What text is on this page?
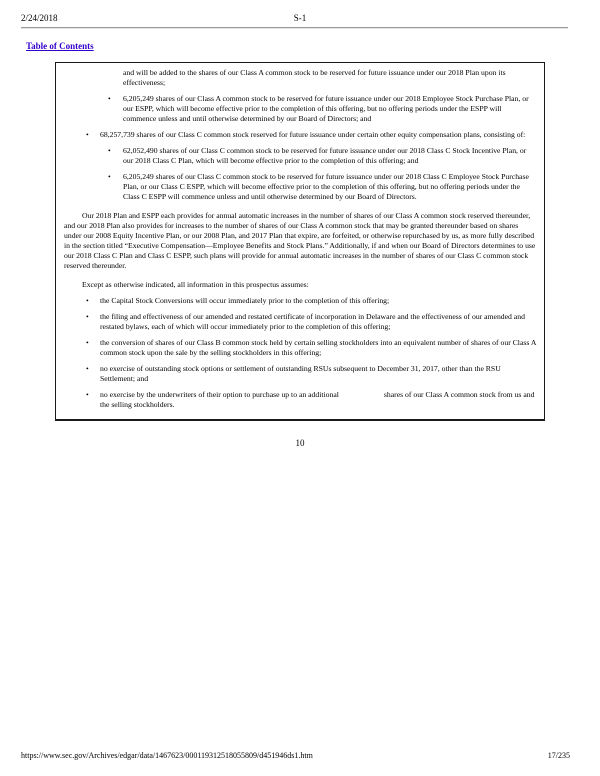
2/24/2018	S-1
Table of Contents

and will be added to the shares of our Class A common stock to be reserved for future issuance under our 2018 Plan upon its effectiveness;

• 6,205,249 shares of our Class A common stock to be reserved for future issuance under our 2018 Employee Stock Purchase Plan, or our ESPP, which will become effective prior to the completion of this offering, but no offering periods under the ESPP will commence unless and until otherwise determined by our Board of Directors; and
• 68,257,739 shares of our Class C common stock reserved for future issuance under certain other equity compensation plans, consisting of:
• 62,052,490 shares of our Class C common stock to be reserved for future issuance under our 2018 Class C Stock Incentive Plan, or our 2018 Class C Plan, which will become effective prior to the completion of this offering; and
• 6,205,249 shares of our Class C common stock to be reserved for future issuance under our 2018 Class C Employee Stock Purchase Plan, or our Class C ESPP, which will become effective prior to the completion of this offering, but no offering periods under the Class C ESPP will commence unless and until otherwise determined by our Board of Directors.

Our 2018 Plan and ESPP each provides for annual automatic increases in the number of shares of our Class A common stock reserved thereunder, and our 2018 Plan also provides for increases to the number of shares of our Class A common stock that may be granted thereunder based on shares under our 2008 Equity Incentive Plan, or our 2008 Plan, and 2017 Plan that expire, are forfeited, or otherwise repurchased by us, as more fully described in the section titled “Executive Compensation—Employee Benefits and Stock Plans.” Additionally, if and when our Board of Directors determines to use our 2018 Class C Plan and Class C ESPP, such plans will provide for annual automatic increases in the number of shares of our Class C common stock reserved thereunder.

Except as otherwise indicated, all information in this prospectus assumes:

• the Capital Stock Conversions will occur immediately prior to the completion of this offering;
• the filing and effectiveness of our amended and restated certificate of incorporation in Delaware and the effectiveness of our amended and restated bylaws, each of which will occur immediately prior to the completion of this offering;
• the conversion of shares of our Class B common stock held by certain selling stockholders into an equivalent number of shares of our Class A common stock upon the sale by the selling stockholders in this offering;
• no exercise of outstanding stock options or settlement of outstanding RSUs subsequent to December 31, 2017, other than the RSU Settlement; and
• no exercise by the underwriters of their option to purchase up to an additional	shares of our Class A common stock from us and the selling stockholders.
10
https://www.sec.gov/Archives/edgar/data/1467623/000119312518055809/d451946ds1.htm	17/235
